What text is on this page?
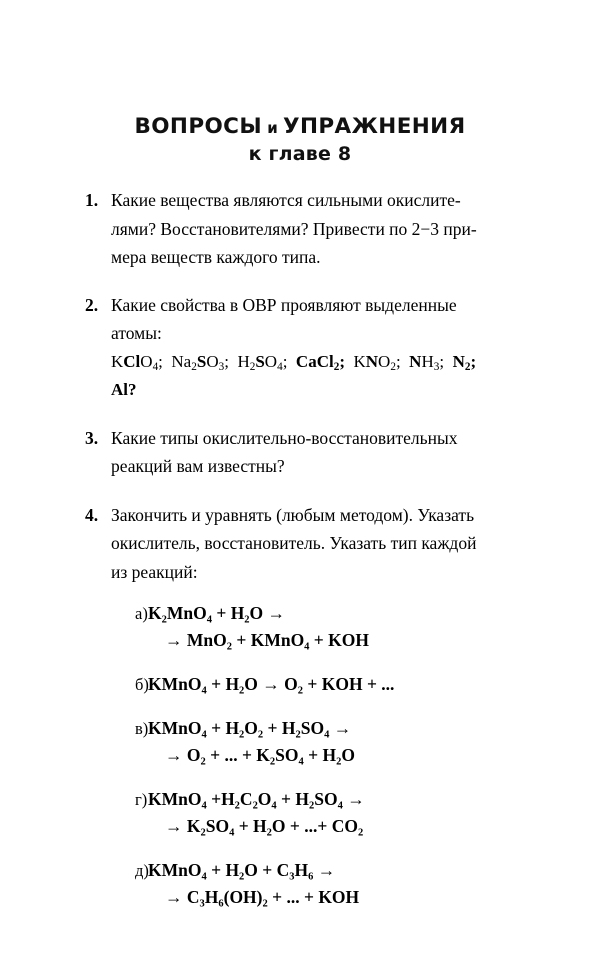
ВОПРОСЫ и УПРАЖНЕНИЯ
к главе 8
1. Какие вещества являются сильными окислите-
лями? Восстановителями? Привести по 2−3 при-
мера веществ каждого типа.
2. Какие свойства в ОВР проявляют выделенные
атомы:
KClO$_4$; $Na_2SO_3$; $H_2SO_4$; CaCl$_2$; $KNO_2$; $NH_3$; $N_2$;
Al?
3. Какие типы окислительно-восстановительных
реакций вам известны?
4. Закончить и уравнять (любым методом). Указать
окислитель, восстановитель. Указать тип каждой
из реакций:
а) K₂MnO₄ + H₂O →
→ MnO₂ + KMnO₄ + KOH
б) KMnO₄ + H₂O → O₂ + KOH + ...
в) KMnO₄ + H₂O₂ + H₂SO₄ →
→ O₂ + ... + K₂SO₄ + H₂O
г) KMnO₄ +H₂C₂O₄ + H₂SO₄ →
→ K₂SO₄ + H₂O + ...+ CO₂
д) KMnO₄ + H₂O + C₃H₆ →
→ C₃H₆(OH)₂ + ... + KOH
